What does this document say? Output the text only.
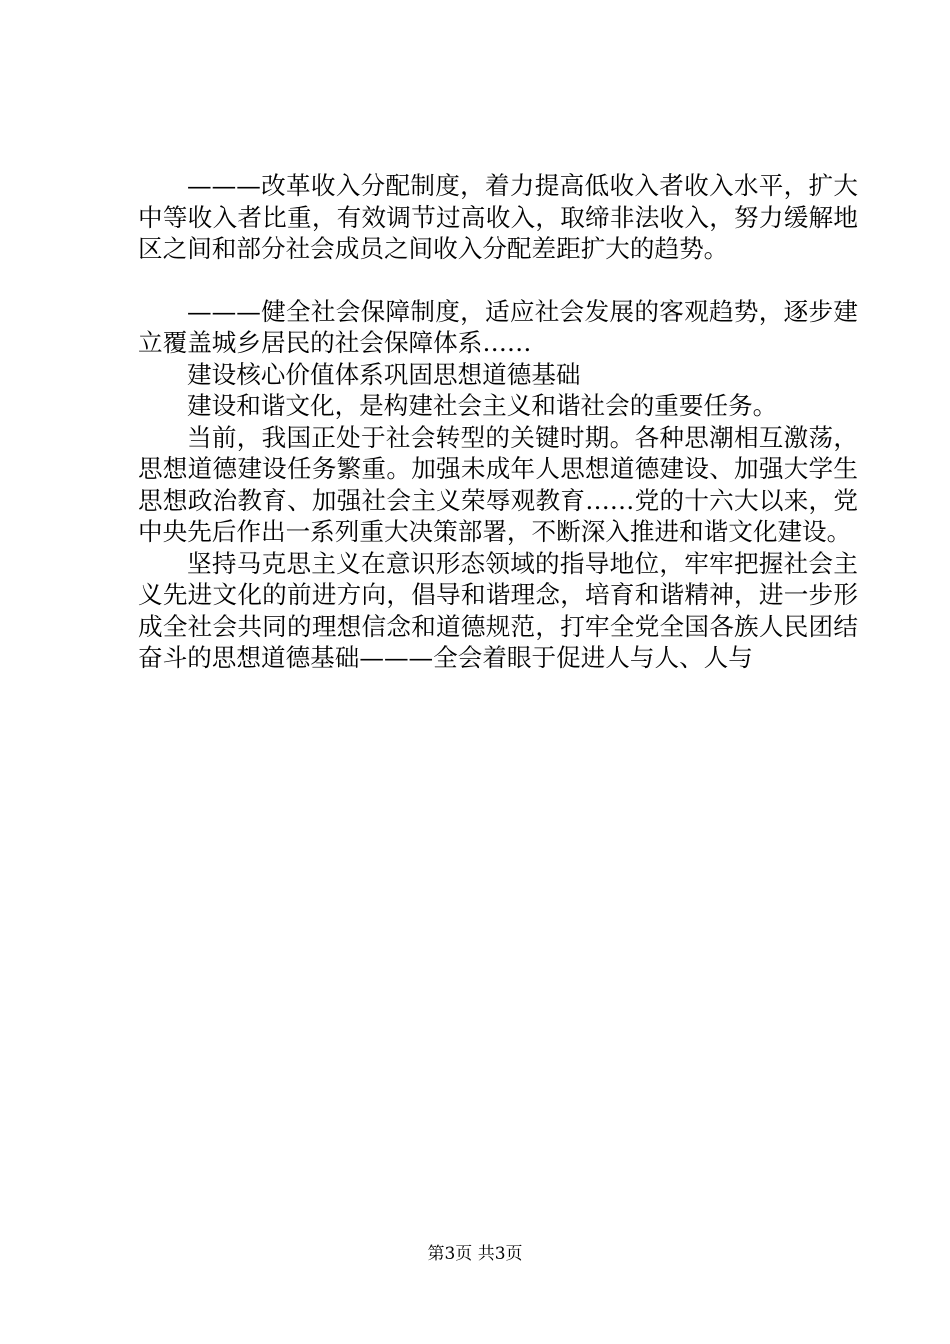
———改革收入分配制度，着力提高低收入者收入水平，扩大中等收入者比重，有效调节过高收入，取缔非法收入，努力缓解地区之间和部分社会成员之间收入分配差距扩大的趋势。

———健全社会保障制度，适应社会发展的客观趋势，逐步建立覆盖城乡居民的社会保障体系……

建设核心价值体系巩固思想道德基础

建设和谐文化，是构建社会主义和谐社会的重要任务。

当前，我国正处于社会转型的关键时期。各种思潮相互激荡，思想道德建设任务繁重。加强未成年人思想道德建设、加强大学生思想政治教育、加强社会主义荣辱观教育……党的十六大以来，党中央先后作出一系列重大决策部署，不断深入推进和谐文化建设。

坚持马克思主义在意识形态领域的指导地位，牢牢把握社会主义先进文化的前进方向，倡导和谐理念，培育和谐精神，进一步形成全社会共同的理想信念和道德规范，打牢全党全国各族人民团结奋斗的思想道德基础———全会着眼于促进人与人、人与

第3页 共3页
